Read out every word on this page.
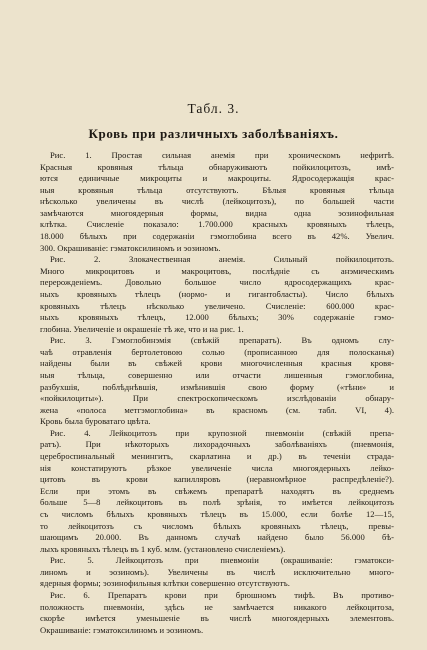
Табл. 3.
Кровь при различныхъ заболѣванiяхъ.
Рис. 1. Простая сильная анемiя при хроническомъ нефритѣ.
Красныя кровяныя тѣльца обнаруживаютъ пойкилоцитозъ, имѣ-
ются единичные микроциты и макроциты. Ядросодержащiя крас-
ныя кровяныя тѣльца отсутствуютъ. Бѣлыя кровяныя тѣльца
нѣсколько увеличены въ числѣ (лейкоцитозъ), по большей части
замѣчаются многоядерныя формы, видна одна эозинофильная
клѣтка. Счисленiе показало: 1.700.000 красныхъ кровяныхъ тѣлецъ,
18.000 бѣлыхъ при содержанiи гэмоглобина всего въ 42%. Увелич.
300. Окрашиванiе: гэматоксилиномъ и эозиномъ.
Рис. 2. Злокачественная анемiя. Сильный пойкилоцитозъ.
Много микроцитовъ и макроцитовъ, послѣднiе съ анэмическимъ
перерожденiемъ. Довольно большое число ядросодержащихъ крас-
ныхъ кровяныхъ тѣлецъ (нормо- и гигантобласты). Число бѣлыхъ
кровяныхъ тѣлецъ нѣсколько увеличено. Счисленiе: 600.000 крас-
ныхъ кровяныхъ тѣлецъ, 12.000 бѣлыхъ; 30% содержанiе гэмо-
глобина. Увеличенiе и окрашенiе тѣ же, что и на рис. 1.
Рис. 3. Гэмоглобинэмiя (свѣжiй препаратъ). Въ одномъ слу-
чаѣ отравленiя бертолетовою солью (прописанною для полосканья)
найдены были въ свѣжей крови многочисленныя красныя кровя-
ныя тѣльца, совершенно или отчасти лишенныя гэмоглобина,
разбухшiя, поблѣднѣвшiя, измѣнившiя свою форму («тѣни» и
«пойкилоциты»). При спектроскопическомъ изслѣдованiи обнару-
жена «полоса метгэмоглобина» въ красномъ (см. табл. VI, 4).
Кровь была буроватаго цвѣта.
Рис. 4. Лейкоцитозъ при крупозной пневмонiи (свѣжiй препа-
ратъ). При нѣкоторыхъ лихорадочныхъ заболѣванiяхъ (пневмонiя,
цереброспинальный менингитъ, скарлатина и др.) въ теченiи страда-
нiя констатируютъ рѣзкое увеличенiе числа многоядерныхъ лейко-
цитовъ въ крови капилляровъ (неравномѣрное распредѣленiе?).
Если при этомъ въ свѣжемъ препаратѣ находятъ въ среднемъ
больше 5—8 лейкоцитовъ въ полѣ зрѣнiя, то имѣется лейкоцитозъ
съ числомъ бѣлыхъ кровяныхъ тѣлецъ въ 15.000, если болѣе 12—15,
то лейкоцитозъ съ числомъ бѣлыхъ кровяныхъ тѣлецъ, превы-
шающимъ 20.000. Въ данномъ случаѣ найдено было 56.000 бѣ-
лыхъ кровяныхъ тѣлецъ въ 1 куб. млм. (установлено счисленiемъ).
Рис. 5. Лейкоцитозъ при пневмонiи (окрашиванiе: гэматокси-
линомъ и эозиномъ). Увеличены въ числѣ исключительно много-
ядерныя формы; эозинофильныя клѣтки совершенно отсутствуютъ.
Рис. 6. Препаратъ крови при брюшномъ тифѣ. Въ противо-
положность пневмонiи, здѣсь не замѣчается никакого лейкоцитоза,
скорѣе имѣется уменьшенiе въ числѣ многоядерныхъ элементовъ.
Окрашиванiе: гэматоксилиномъ и эозиномъ.
